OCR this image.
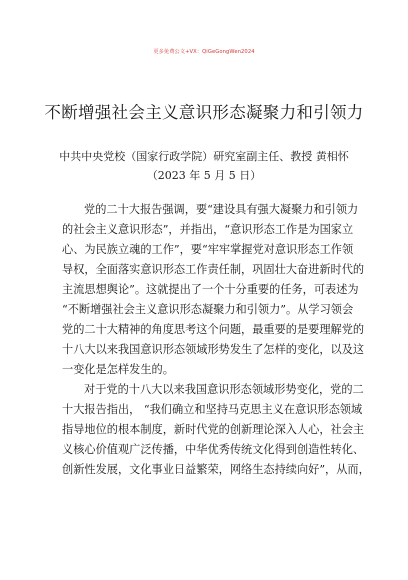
更多免费公文+VX：QiGeGongWen2024
不断增强社会主义意识形态凝聚力和引领力
中共中央党校（国家行政学院）研究室副主任、教授 黄相怀
（2023 年 5 月 5 日）
党的二十大报告强调，要“建设具有强大凝聚力和引领力
的社会主义意识形态”，并指出，“意识形态工作是为国家立
心、为民族立魂的工作”，要“牢牢掌握党对意识形态工作领
导权，全面落实意识形态工作责任制，巩固壮大奋进新时代的
主流思想舆论”。这就提出了一个十分重要的任务，可表述为
“不断增强社会主义意识形态凝聚力和引领力”。从学习领会
党的二十大精神的角度思考这个问题，最重要的是要理解党的
十八大以来我国意识形态领域形势发生了怎样的变化，以及这
一变化是怎样发生的。
对于党的十八大以来我国意识形态领域形势变化，党的二
十大报告指出， “我们确立和坚持马克思主义在意识形态领域
指导地位的根本制度，新时代党的创新理论深入人心，社会主
义核心价值观广泛传播，中华优秀传统文化得到创造性转化、
创新性发展，文化事业日益繁荣，网络生态持续向好”，从而，
